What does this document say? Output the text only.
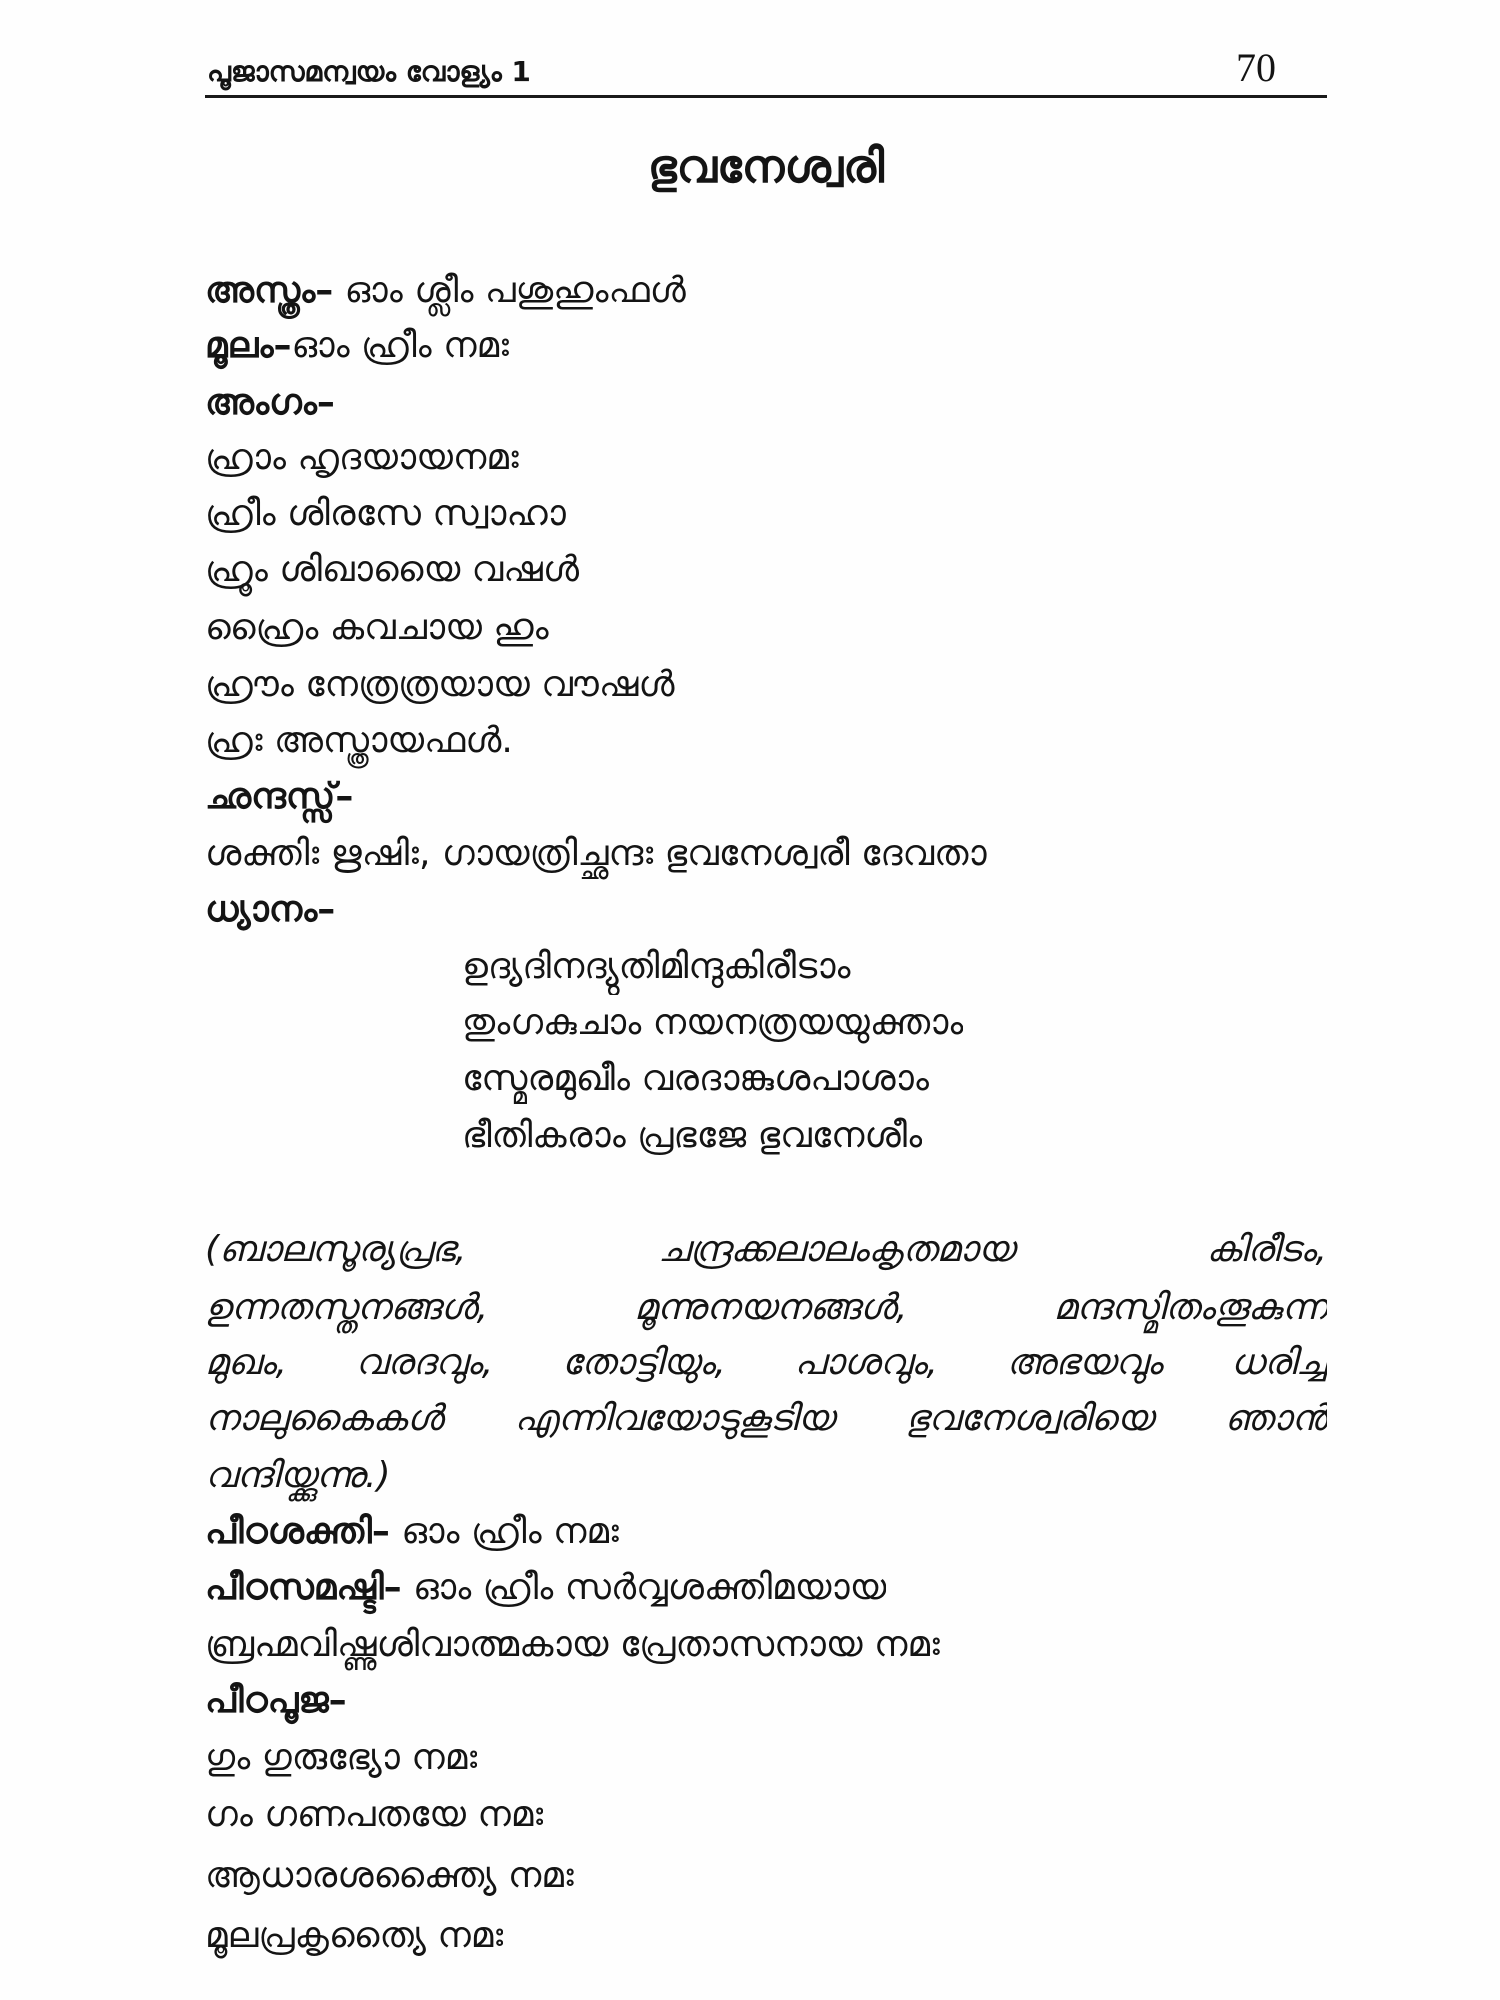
പൂജാസമന്വയം വോള്യം 1	70
ഭുവനേശ്വരി
അസ്ത്രം– ഓം ശ്ലീം പശുഹുംഫൾ
മൂലം–ഓം ഹ്രീം നമഃ
അംഗം–
ഹ്രാം ഹൃദയായനമഃ
ഹ്രീം ശിരസേ സ്വാഹാ
ഹ്രൂം ശിഖായൈ വഷൾ
ഹ്രൈം കവചായ ഹും
ഹ്രൗം നേത്രത്രയായ വൗഷൾ
ഹ്രഃ അസ്ത്രായഫൾ.
ഛന്ദസ്സ്–
ശക്തിഃ ഋഷിഃ, ഗായത്രിച്ഛന്ദഃ ഭുവനേശ്വരീ ദേവതാ
ധ്യാനം–
ഉദ്യദിനദ്യുതിമിന്ദുകിരീടാം
തുംഗകുചാം നയനത്രയയുക്താം
സ്മേരമുഖീം വരദാങ്കുശപാശാം
ഭീതികരാം പ്രഭജേ ഭുവനേശീം
(ബാലസൂര്യപ്രഭ, ചന്ദ്രക്കലാലംകൃതമായ കിരീടം,
ഉന്നതസ്തനങ്ങൾ, മൂന്നുനയനങ്ങൾ, മന്ദസ്മിതംതൂകുന്ന
മുഖം, വരദവും, തോട്ടിയും, പാശവും, അഭയവും ധരിച്ച
നാലുകൈകൾ എന്നിവയോടുകൂടിയ ഭുവനേശ്വരിയെ ഞാൻ
വന്ദിയ്ക്കുന്നു.)
പീഠശക്തി– ഓം ഹ്രീം നമഃ
പീഠസമഷ്ടി– ഓം ഹ്രീം സർവ്വശക്തിമയായ
ബ്രഹ്മവിഷ്ണുശിവാത്മകായ പ്രേതാസനായ നമഃ
പീഠപൂജ–
ഗും ഗുരുഭ്യോ നമഃ
ഗം ഗണപതയേ നമഃ
ആധാരശക്ത്യൈ നമഃ
മൂലപ്രകൃത്യൈ നമഃ
